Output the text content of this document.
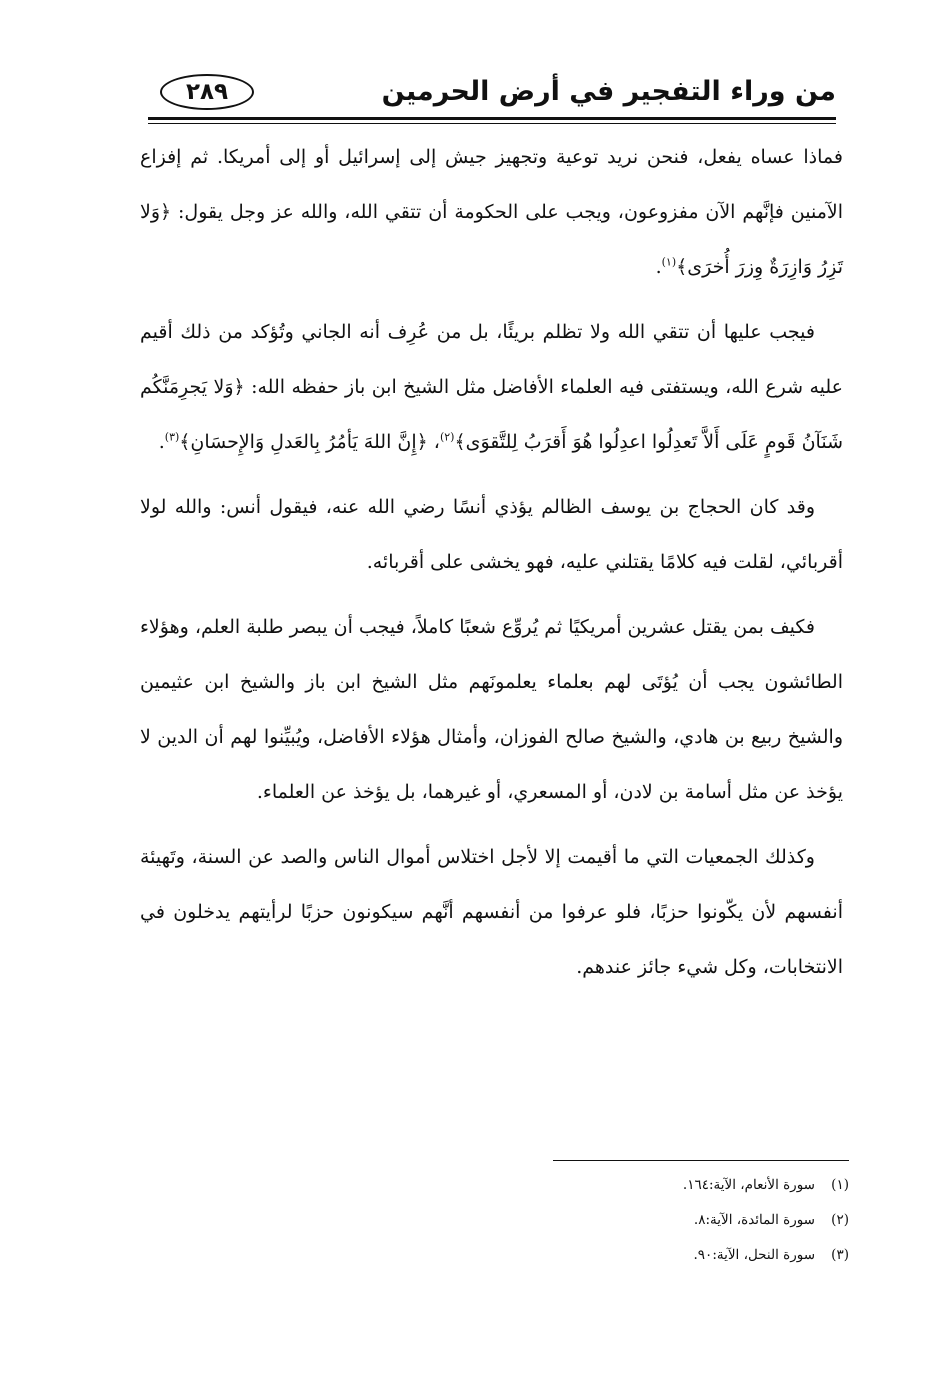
من وراء التفجير في أرض الحرمين
٢٨٩

فماذا عساه يفعل، فنحن نريد توعية وتجهيز جيش إلى إسرائيل أو إلى أمريكا. ثم إفزاع الآمنين فإنَّهم الآن مفزوعون، ويجب على الحكومة أن تتقي الله، والله عز وجل يقول: ﴿وَلا تَزِرُ وَازِرَةٌ وِزرَ أُخرَى﴾$^{(١)}$.

فيجب عليها أن تتقي الله ولا تظلم بريئًا، بل من عُرِف أنه الجاني وتُؤكد من ذلك أقيم عليه شرع الله، ويستفتى فيه العلماء الأفاضل مثل الشيخ ابن باز حفظه الله: ﴿وَلا يَجرِمَنَّكُم شَنَآنُ قَومٍ عَلَى أَلاَّ تَعدِلُوا اعدِلُوا هُوَ أَقرَبُ لِلتَّقوَى﴾$^{(٢)}$، ﴿إِنَّ اللهَ يَأمُرُ بِالعَدلِ وَالإِحسَانِ﴾$^{(٣)}$.

وقد كان الحجاج بن يوسف الظالم يؤذي أنسًا رضي الله عنه، فيقول أنس: والله لولا أقربائي، لقلت فيه كلامًا يقتلني عليه، فهو يخشى على أقربائه.

فكيف بمن يقتل عشرين أمريكيًا ثم يُروِّع شعبًا كاملاً، فيجب أن يبصر طلبة العلم، وهؤلاء الطائشون يجب أن يُؤتَى لهم بعلماء يعلمونَهم مثل الشيخ ابن باز والشيخ ابن عثيمين والشيخ ربيع بن هادي، والشيخ صالح الفوزان، وأمثال هؤلاء الأفاضل، ويُبيِّنوا لهم أن الدين لا يؤخذ عن مثل أسامة بن لادن، أو المسعري، أو غيرهما، بل يؤخذ عن العلماء.

وكذلك الجمعيات التي ما أقيمت إلا لأجل اختلاس أموال الناس والصد عن السنة، وتَهيئة أنفسهم لأن يكّونوا حزبًا، فلو عرفوا من أنفسهم أنَّهم سيكونون حزبًا لرأيتهم يدخلون في الانتخابات، وكل شيء جائز عندهم.

(١)سورة الأنعام، الآية:١٦٤.
(٢)سورة المائدة، الآية:٨.
(٣)سورة النحل، الآية:٩٠.
